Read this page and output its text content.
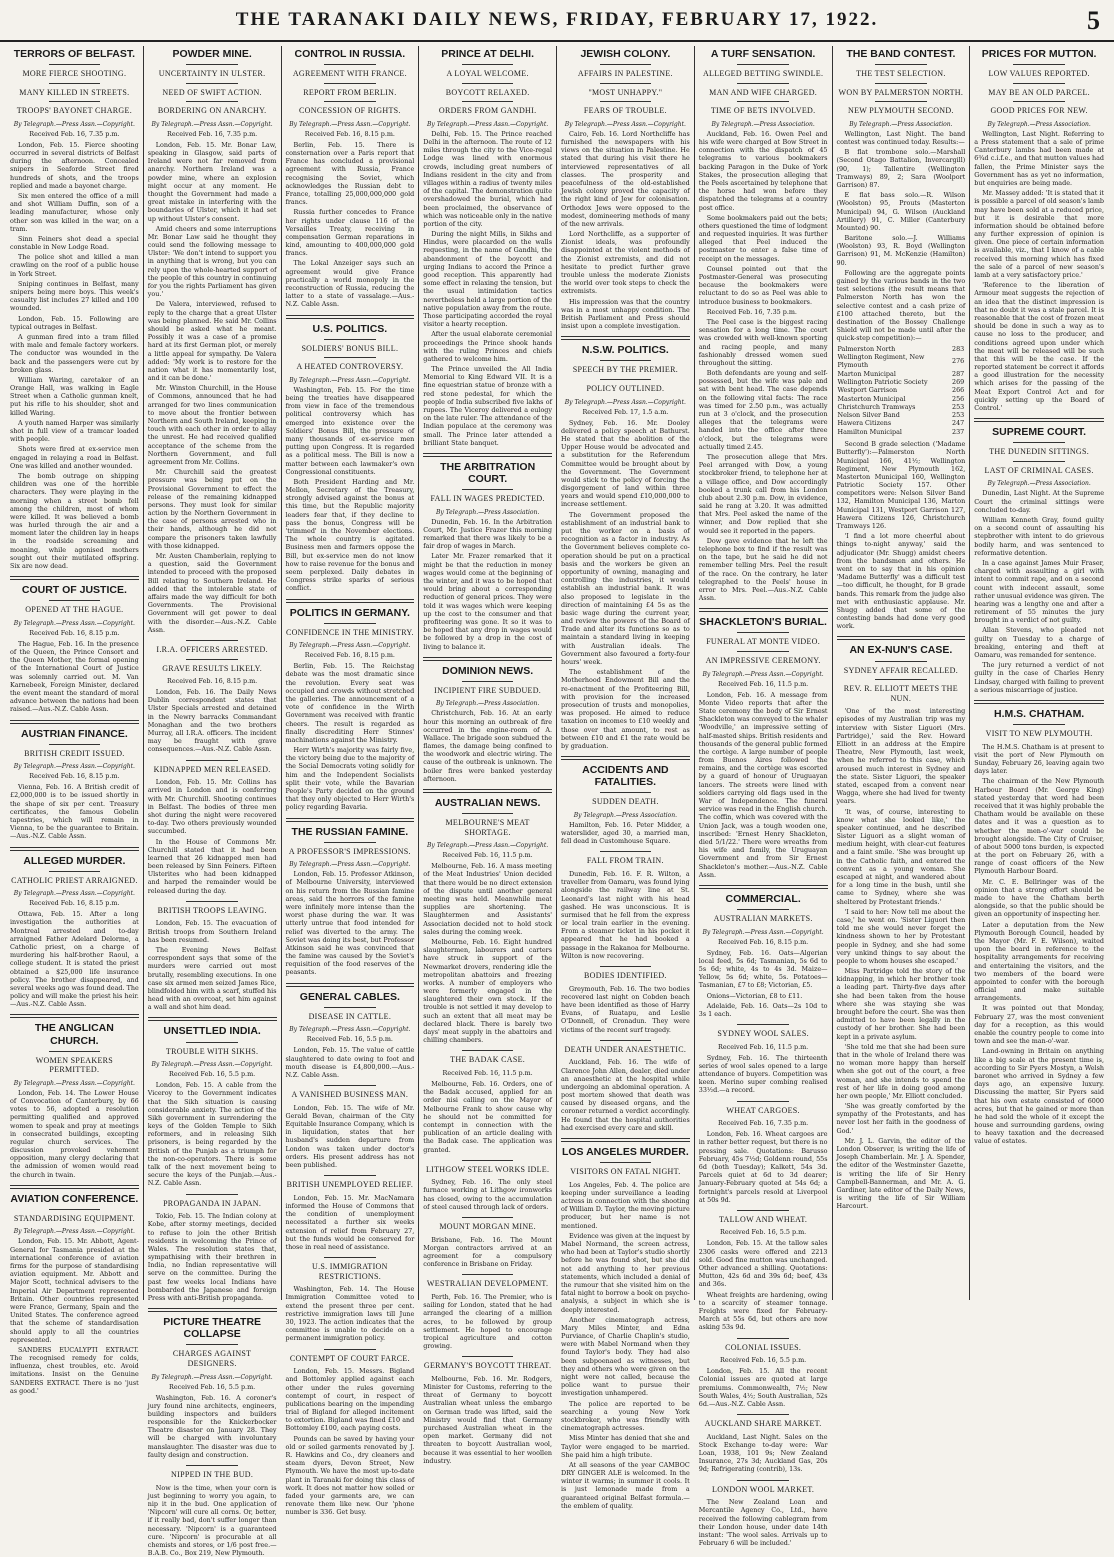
THE TARANAKI DAILY NEWS, FRIDAY, FEBRUARY 17, 1922.	5
TERRORS OF BELFAST.
MORE FIERCE SHOOTING.
MANY KILLED IN STREETS.
TROOPS' BAYONET CHARGE.
By Telegraph.—Press Assn.—Copyright.
Received Feb. 16, 7.35 p.m.

London, Feb. 15. Fierce shooting occurred in several districts of Belfast during the afternoon. Concealed snipers in Seaforde Street fired hundreds of shots, and the troops replied and made a bayonet charge.

Six men entered the office of a mill and shot William Duffin, son of a leading manufacturer, whose only other son was killed in the war, on a tram.

Sinn Feiners shot dead a special constable in New Lodge Road.

The police shot and killed a man crawling on the roof of a public house in York Street.

Sniping continues in Belfast, many snipers being mere boys. This week's casualty list includes 27 killed and 100 wounded.

London, Feb. 15. Following are typical outrages in Belfast.

A gunman fired into a tram filled with male and female factory workers. The conductor was wounded in the back and the passengers were cut by broken glass.

William Waring, caretaker of an Orange Hall, was walking in Eagle Street when a Catholic gunman knelt, put his rifle to his shoulder, shot and killed Waring.

A youth named Harper was similarly shot in full view of a tramcar loaded with people.

Shots were fired at ex-service men engaged in relaying a road in Belfast. One was killed and another wounded.

The bomb outrage on shipping children was one of the horrible characters. They were playing in the morning when a street bomb fell among the children, most of whom were killed. It was believed a bomb was hurled through the air and a moment later the children lay in heaps in the roadside screaming and moaning, while agonised mothers sought out their mutilated offspring. Six are now dead.

COURT OF JUSTICE.
OPENED AT THE HAGUE.
By Telegraph.—Press Assn.—Copyright.
Received Feb. 16, 8.15 p.m.

The Hague, Feb. 16. In the presence of the Queen, the Prince Consort and the Queen Mother, the formal opening of the International Court of Justice was solemnly carried out. M. Van Karnebeek, Foreign Minister, declared the event meant the standard of moral advance between the nations had been raised.—Aus.-N.Z. Cable Assn.

AUSTRIAN FINANCE.
BRITISH CREDIT ISSUED.
By Telegraph.—Press Assn.—Copyright.
Received Feb. 16, 8.15 p.m.

Vienna, Feb. 16. A British credit of £2,000,000 is to be issued shortly in the shape of six per cent. Treasury certificates, the famous Gobelin tapestries, which will remain in Vienna, to be the guarantee to Britain.—Aus.-N.Z. Cable Assn.

ALLEGED MURDER.
CATHOLIC PRIEST ARRAIGNED.
By Telegraph.—Press Assn.—Copyright.
Received Feb. 16, 8.15 p.m.

Ottawa, Feb. 15. After a long investigation the authorities at Montreal arrested and to-day arraigned Father Adelard Delorme, a Catholic priest, on a charge of murdering his half-brother Raoul, a college student. It is stated the priest obtained a $25,000 life insurance policy. The brother disappeared, and several weeks ago was found dead. The policy and will make the priest his heir.—Aus.-N.Z. Cable Assn.

THE ANGLICAN CHURCH.
WOMEN SPEAKERS PERMITTED.
By Telegraph.—Press Assn.—Copyright.

London, Feb. 14. The Lower House of Convocation of Canterbury, by 66 votes to 56, adopted a resolution permitting qualified and approved women to speak and pray at meetings in consecrated buildings, excepting regular church services. The discussion provoked vehement opposition, many clergy declaring that the admission of women would read the church in twain.

AVIATION CONFERENCE.
STANDARDISING EQUIPMENT.
By Telegraph.—Press Assn.—Copyright.

London, Feb. 15. Mr. Abbott, Agent-General for Tasmania presided at the international conference of aviation firms for the purpose of standardising aviation equipment. Mr. Abbott and Major Scott, technical advisers to the Imperial Air Department represented Britain. Other countries represented were France, Germany, Spain and the United States. The conference agreed that the scheme of standardisation should apply to all the countries represented.

SANDERS EUCALYPTI EXTRACT. The recognised remedy for colds, influenza, chest troubles, etc. Avoid imitations. Insist on the Genuine SANDERS EXTRACT. There is no 'just as good.'

POWDER MINE.
UNCERTAINTY IN ULSTER.
NEED OF SWIFT ACTION.
BORDERING ON ANARCHY.
By Telegraph.—Press Assn.—Copyright.
Received Feb. 16, 7.35 p.m.

London, Feb. 15. Mr. Bonar Law, speaking in Glasgow, said parts of Ireland were not far removed from anarchy. Northern Ireland was a powder mine, where an explosion might occur at any moment. He thought the Government had made a great mistake in interfering with the boundaries of Ulster, which it had set up without Ulster's consent.

Amid cheers and some interruptions Mr. Bonar Law said he thought they could send the following message to Ulster: 'We don't intend to support you in anything that is wrong, but you can rely upon the whole-hearted support of the people of this country in continuing for you the rights Parliament has given you.'

De Valera, interviewed, refused to reply to the charge that a great Ulster was being planned. He said Mr. Collins should be asked what he meant. Possibly it was a case of a promise hard at its first German plot, or merely a little appeal for sympathy. De Valera added: 'My work is to restore for the nation what it has momentarily lost, and it can be done.'

Mr. Winston Churchill, in the House of Commons, announced that he had arranged for two lines communication to move about the frontier between Northern and South Ireland, keeping in touch with each other in order to allay the unrest. He had received qualified acceptance of the scheme from the Northern Government, and full agreement from Mr. Collins.

Mr. Churchill said the greatest pressure was being put on the Provisional Government to effect the release of the remaining kidnapped persons. They must look for similar action by the Northern Government in the case of persons arrested who in their hands, although he did not compare the prisoners taken lawfully with those kidnapped.

Mr. Austen Chamberlain, replying to a question, said the Government intended to proceed with the proposed Bill relating to Southern Ireland. He added that the intolerable state of affairs made the way difficult for both Governments. The Provisional Government will get power to deal with the disorder.—Aus.-N.Z. Cable Assn.

I.R.A. OFFICERS ARRESTED.
GRAVE RESULTS LIKELY.
Received Feb. 16, 8.15 p.m.

London, Feb. 16. The Daily News Dublin correspondent states that Ulster Specials arrested and detained in the Newry barracks Commandant Monaghan and the two brothers Murray, all I.R.A. officers. The incident may be fraught with grave consequences.—Aus.-N.Z. Cable Assn.

KIDNAPPED MEN RELEASED.

London, Feb. 15. Mr. Collins has arrived in London and is conferring with Mr. Churchill. Shooting continues in Belfast. The bodies of three men shot during the night were recovered to-day. Two others previously wounded succumbed.

In the House of Commons Mr. Churchill stated that it had been learned that 26 kidnapped men had been released by Sinn Feiners. Fifteen Ulsterites who had been kidnapped and harped the remainder would be released during the day.

BRITISH TROOPS LEAVING.

London, Feb. 15. The evacuation of British troops from Southern Ireland has been resumed.

The Evening News Belfast correspondent says that some of the murders were carried out most brutally, resembling executions. In one case six armed men seized James Rice, blindfolded him with a scarf, stuffed his head with an overcoat, set him against a wall and shot him dead.

UNSETTLED INDIA.
TROUBLE WITH SIKHS.
By Telegraph.—Press Assn.—Copyright.
Received Feb. 16, 5.5 p.m.

London, Feb. 15. A cable from the Viceroy to the Government indicates that the Sikh situation is causing considerable anxiety. The action of the Sikh government in surrendering the keys of the Golden Temple to Sikh reformers, and in releasing Sikh prisoners, is being regarded by the British of the Punjab as a triumph for the non-co-operators. There is some talk of the next movement being to secure the keys of the Punjab.—Aus.-N.Z. Cable Assn.

PROPAGANDA IN JAPAN.

Tokio, Feb. 15. The Indian colony at Kobe, after stormy meetings, decided to refuse to join the other British residents in welcoming the Prince of Wales. The resolution states that, sympathising with their brethren in India, no Indian representative will serve on the committee. During the past few weeks local Indians have bombarded the Japanese and foreign Press with anti-British propaganda.

PICTURE THEATRE COLLAPSE
CHARGES AGAINST DESIGNERS.
By Telegraph.—Press Assn.—Copyright.
Received Feb. 16, 5.5 p.m.

Washington, Feb. 16. A coroner's jury found nine architects, engineers, building inspectors and builders responsible for the Knickerbocker Theatre disaster on January 28. They will be charged with involuntary manslaughter. The disaster was due to faulty design and construction.

NIPPED IN THE BUD.

Now is the time, when your corn is just beginning to worry you again, to nip it in the bud. One application of 'Nipcorn' will cure all corns. Or, better, if it really bad, don't suffer longer than necessary. 'Nipcorn' is a guaranteed cure. 'Nipcorn' is procurable at all chemists and stores, or 1/6 post free.—B.A.B. Co., Box 219, New Plymouth.

CONTROL IN RUSSIA.
AGREEMENT WITH FRANCE.
REPORT FROM BERLIN.
CONCESSION OF RIGHTS.
By Telegraph.—Press Assn.—Copyright.
Received Feb. 16, 8.15 p.m.

Berlin, Feb. 15. There is consternation over a Paris report that France has concluded a provisional agreement with Russia, France recognising the Soviet, which acknowledges the Russian debt to France, totalling 25,000,000,000 gold francs.

Russia further concedes to France her rights under clause 116 of the Versailles Treaty, receiving in compensation German reparations in kind, amounting to 400,000,000 gold francs.

The Lokal Anzeiger says such an agreement would give France practically a world monopoly in the reconstruction of Russia, reducing the latter to a state of vassalage.—Aus.-N.Z. Cable Assn.

U.S. POLITICS.
SOLDIERS' BONUS BILL.
A HEATED CONTROVERSY.
By Telegraph.—Press Assn.—Copyright.

Washington, Feb. 15. For the time being the treaties have disappeared from view in face of the tremendous political controversy which has emerged into existence over the Soldiers' Bonus Bill, the pressure of many thousands of ex-service men putting upon Congress. It is regarded as a political mess. The Bill is now a matter between each lawmaker's own Congressional constituents.

Both President Harding and Mr. Mellon, Secretary of the Treasury, strongly advised against the bonus at this time, but the Republic majority leaders fear that, if they decline to pass the bonus, Congress will be 'trimmed' in the November elections. The whole country is agitated. Business men and farmers oppose the Bill, but ex-service men do not know how to raise revenue for the bonus and seem perplexed. Daily debates in Congress strike sparks of serious conflict.

POLITICS IN GERMANY.
CONFIDENCE IN THE MINISTRY.
By Telegraph.—Press Assn.—Copyright.
Received Feb. 16, 8.15 p.m.

Berlin, Feb. 15. The Reichstag debate was the most dramatic since the revolution. Every seat was occupied and crowds without stretched the galleries. The announcement of a vote of confidence in the Wirth Government was received with frantic cheers. The result is regarded as finally discrediting Herr Stinnes' machinations against the Ministry.

Herr Wirth's majority was fairly five, the victory being due to the majority of the Social Democrats voting solidly for him and the Independent Socialists split their vote, while the Bavarian People's Party decided on the ground that they only objected to Herr Wirth's policy regarding Bavaria.

THE RUSSIAN FAMINE.
A PROFESSOR'S IMPRESSIONS.
By Telegraph.—Press Assn.—Copyright.

London, Feb. 15. Professor Atkinson, of Melbourne University, interviewed on his return from the Russian famine areas, said the horrors of the famine were infinitely more intense than the worst phase during the war. It was utterly untrue that food intended for relief was diverted to the army. The Soviet was doing its best, but Professor Atkinson said he was convinced that the famine was caused by the Soviet's requisition of the food reserves of the peasants.

GENERAL CABLES.
DISEASE IN CATTLE.
By Telegraph.—Press Assn.—Copyright.
Received Feb. 16, 5.5 p.m.

London, Feb. 15. The value of cattle slaughtered to date owing to foot and mouth disease is £4,800,000.—Aus.-N.Z. Cable Assn.

A VANISHED BUSINESS MAN.

London, Feb. 15. The wife of Mr. Gerald Bevan, chairman of the City Equitable Insurance Company, which is in liquidation, states that her husband's sudden departure from London was taken under doctor's orders. His present address has not been published.

BRITISH UNEMPLOYED RELIEF.

London, Feb. 15. Mr. MacNamara informed the House of Commons that the condition of unemployment necessitated a further six weeks extension of relief from February 27, but the funds would be conserved for those in real need of assistance.

U.S. IMMIGRATION RESTRICTIONS.

Washington, Feb. 14. The House Immigration Committee voted to extend the present three per cent. restrictive immigration laws till June 30, 1923. The action indicates that the committee is unable to decide on a permanent immigration policy.

CONTEMPT OF COURT FARCE.

London, Feb. 15. Messrs. Bigland and Bottomley applied against each other under the rules governing contempt of court, in respect of publications bearing on the impending trial of Bigland for alleged incitement to extortion. Bigland was fined £10 and Bottomley £100, each paying costs.

Pounds can be saved by having your old or soiled garments renovated by J. R. Hawkins and Co., dry cleaners and steam dyers, Devon Street, New Plymouth. We have the most up-to-date plant in Taranaki for doing this class of work. It does not matter how soiled or faded your garments are, we can renovate them like new. Our 'phone number is 336. Get busy.

PRINCE AT DELHI.
A LOYAL WELCOME.
BOYCOTT RELAXED.
ORDERS FROM GANDHI.
By Telegraph.—Press Assn.—Copyright.

Delhi, Feb. 15. The Prince reached Delhi in the afternoon. The route of 12 miles through the city to the Vice-regal Lodge was lined with enormous crowds, including great numbers of Indians resident in the city and from villages within a radius of twenty miles of the capital. The demonstration quite overshadowed the burial, which had been proclaimed, the observance of which was noticeable only in the native portion of the city.

During the night Mills, in Sikhs and Hindus, were placarded on the walls requesting, in the name of Gandhi, the abandonment of the boycott and urging Indians to accord the Prince a good reception. This apparently had some effect in relaxing the tension, but the usual intimidation tactics nevertheless held a large portion of the native population away from the route. Those participating accorded the royal visitor a hearty reception.

After the usual elaborate ceremonial proceedings the Prince shook hands with the ruling Princes and chiefs gathered to welcome him.

The Prince unveiled the All India Memorial to King Edward VII. It is a fine equestrian statue of bronze with a red stone pedestal, for which the people of India subscribed five lakhs of rupees. The Viceroy delivered a eulogy on the late ruler. The attendance of the Indian populace at the ceremony was small. The Prince later attended a brilliant State banquet.

THE ARBITRATION COURT.
FALL IN WAGES PREDICTED.
By Telegraph.—Press Association.

Dunedin, Feb. 16. In the Arbitration Court, Mr. Justice Frazer this morning remarked that there was likely to be a fair drop of wages in March.

Later Mr. Frazer remarked that it might be that the reduction in money wages would come at the beginning of the winter, and it was to be hoped that would bring about a corresponding reduction of general prices. They were told it was wages which were keeping up the cost to the consumer and that profiteering was gone. It so it was to be hoped that any drop in wages would be followed by a drop in the cost of living to balance it.

DOMINION NEWS.
INCIPIENT FIRE SUBDUED.
By Telegraph.—Press Association.

Christchurch, Feb. 16. At an early hour this morning an outbreak of fire occurred in the engine-room of A. Wallace. The brigade soon subdued the flames, the damage being confined to the woodwork and electric wiring. The cause of the outbreak is unknown. The boiler fires were banked yesterday afternoon.

AUSTRALIAN NEWS.
MELBOURNE'S MEAT SHORTAGE.
By Telegraph.—Press Assn.—Copyright.
Received Feb. 16, 11.5 p.m.

Melbourne, Feb. 16. A mass meeting of the Meat Industries' Union decided that there would be no direct extension of the dispute until another general meeting was held. Meanwhile meat supplies are shortening. The Slaughtermen and Assistants' Association decided not to hold stock sales during the coming week.

Melbourne, Feb. 16. Eight hundred slaughtermen, labourers and carters have struck in support of the Newmarket drovers, rendering idle the metropolitan abattoirs and freezing works. A number of employers who were formerly engaged in the slaughtered their own stock. If the trouble is not settled it may develop to such an extent that all meat may be declared black. There is barely two days' meat supply in the abattoirs and chilling chambers.

THE BADAK CASE.
Received Feb. 16, 11.5 p.m.

Melbourne, Feb. 16. Orders, one of the Badak accused, applied for an order nisi calling on the Mayor of Melbourne Frank to show cause why he should not be committed for contempt in connection with the publication of an article dealing with the Badak case. The application was granted.

LITHGOW STEEL WORKS IDLE.

Sydney, Feb. 16. The only steel furnace working at Lithgow ironworks has closed, owing to the accumulation of steel caused through lack of orders.

MOUNT MORGAN MINE.

Brisbane, Feb. 16. The Mount Morgan contractors arrived at an agreement for a compulsory conference in Brisbane on Friday.

WESTRALIAN DEVELOPMENT.

Perth, Feb. 16. The Premier, who is sailing for London, stated that he had arranged the clearing of a million acres, to be followed by group settlement. He hoped to encourage tropical agriculture and cotton growing.

GERMANY'S BOYCOTT THREAT.

Melbourne, Feb. 16. Mr. Rodgers, Minister for Customs, referring to the threat of Germany to boycott Australian wheat unless the embargo on German trade was lifted, said the Ministry would find that Germany purchased Australian wheat in the open market. Germany did not threaten to boycott Australian wool, because it was essential to her woollen industry.

JEWISH COLONY.
AFFAIRS IN PALESTINE.
"MOST UNHAPPY."
FEARS OF TROUBLE.
By Telegraph.—Press Assn.—Copyright.

Cairo, Feb. 16. Lord Northcliffe has furnished the newspapers with his views on the situation in Palestine. He stated that during his visit there he interviewed representatives of all classes. The prosperity and peacefulness of the old-established Jewish colony proved the capacity of the right kind of Jew for colonisation. Orthodox Jews were opposed to the modest, domineering methods of many of the new arrivals.

Lord Northcliffe, as a supporter of Zionist ideals, was profoundly disappointed at the violent methods of the Zionist extremists, and did not hesitate to predict further grave trouble unless the moderate Zionists the world over took steps to check the extremists.

His impression was that the country was in a most unhappy condition. The British Parliament and Press should insist upon a complete investigation.

N.S.W. POLITICS.
SPEECH BY THE PREMIER.
POLICY OUTLINED.
By Telegraph.—Press Assn.—Copyright.
Received Feb. 17, 1.5 a.m.

Sydney, Feb. 16. Mr. Dooley delivered a policy speech at Bathurst. He stated that the abolition of the Upper House would be advocated and a substitution for the Referendum Committee would be brought about by the Government. The Government would stick to the policy of forcing the disgorgement of land within three years and would spend £10,000,000 to increase settlement.

The Government proposed the establishment of an industrial bank to put the worker on a basis of recognition as a factor in industry. As the Government believes complete co-operation should be put on a practical basis and the workers be given an opportunity of owning, managing and controlling the industries, it would establish an industrial bank. It was also proposed to legislate in the direction of maintaining £4 5s as the basic wage during the current year, and review the powers of the Board of Trade and alter its functions so as to maintain a standard living in keeping with Australian ideals. The Government also favoured a forty-four hours' week.

The establishment of the Motherhood Endowment Bill and the re-enactment of the Profiteering Bill, with provision for the increased prosecution of trusts and monopolies, was proposed. He aimed to reduce taxation on incomes to £10 weekly and those over that amount, to rest as between £10 and £1 the rate would be by graduation.

ACCIDENTS AND FATALITIES.
SUDDEN DEATH.
By Telegraph.—Press Association.

Hamilton, Feb. 16. Peter Midder, a waterslider, aged 30, a married man, fell dead in Customhouse Square.

FALL FROM TRAIN.

Dunedin, Feb. 16. F. R. Wilton, a traveller from Oamaru, was found lying alongside the railway line at St. Leonard's last night with his head gashed. He was unconscious. It is surmised that he fell from the express or local train earlier in the evening. From a steamer ticket in his pocket it appeared that he had booked a passage in the Rakanoa for Melbourne. Wilton is now recovering.

BODIES IDENTIFIED.

Greymouth, Feb. 16. The two bodies recovered last night on Cobden beach have been identified as those of Harry Evans, of Ruatapu, and Leslie O'Donnell, of Cronadun. They were victims of the recent surf tragedy.

DEATH UNDER ANAESTHETIC.

Auckland, Feb. 16. The wife of Clarence John Allen, dealer, died under an anaesthetic at the hospital while undergoing an abdominal operation. A post mortem showed that death was caused by diseased organs, and the coroner returned a verdict accordingly. He found that the hospital authorities had exercised every care and skill.

LOS ANGELES MURDER.
VISITORS ON FATAL NIGHT.

Los Angeles, Feb. 4. The police are keeping under surveillance a leading actress in connection with the shooting of William D. Taylor, the moving picture producer, but her name is not mentioned.

Evidence was given at the inquest by Mabel Normand, the screen actress, who had been at Taylor's studio shortly before he was found shot, but she did not add anything to her previous statements, which included a denial of the rumour that she visited him on the fatal night to borrow a book on psycho-analysis, a subject in which she is deeply interested.

Another cinematograph actress, Mary Miles Minter, and Edna Purviance, of Charlie Chaplin's studio, were with Mabel Normand when they found Taylor's body. They had also been subpoenaed as witnesses, but they and others who were given on the night were not called, because the police want to pursue their investigation unhampered.

The police are reported to be searching a young New York stockbroker, who was friendly with cinematograph actresses.

Miss Minter has denied that she and Taylor were engaged to be married. She paid him a high tribute.

At all seasons of the year CAMBOC DRY GINGER ALE is welcomed. In the winter it warms; in summer it cools. It is just lemonade made from a guaranteed original Belfast formula.—the emblem of quality.

A TURF SENSATION.
ALLEGED BETTING SWINDLE.
MAN AND WIFE CHARGED.
TIME OF BETS INVOLVED.
By Telegraph.—Press Association.

Auckland, Feb. 16. Owen Peel and his wife were charged at Bow Street in connection with the dispatch of 45 telegrams to various bookmakers backing Paragon in the Duke of York Stakes, the prosecution alleging that the Peels ascertained by telephone that the horse had won before they dispatched the telegrams at a country post office.

Some bookmakers paid out the bets; others questioned the time of lodgment and requested inquiries. It was further alleged that Peel induced the postmaster to enter a false time of receipt on the messages.

Counsel pointed out that the Postmaster-General was prosecuting because the bookmakers were reluctant to do so as Peel was able to introduce business to bookmakers.

Received Feb. 16, 7.35 p.m.

The Peel case is the biggest racing sensation for a long time. The court was crowded with well-known sporting and racing people, and many fashionably dressed women sued throughout the sitting.

Both defendants are young and self-possessed, but the wife was pale and sat with bent head. The case depends on the following vital facts: The race was timed for 2.50 p.m., was actually run at 3 o'clock, and the prosecution alleges that the telegrams were handed into the office after three o'clock, but the telegrams were actually timed 2.45.

The prosecution allege that Mrs. Peel arranged with Dow, a young stockbroker friend, to telephone her at a village office, and Dow accordingly booked a trunk call from his London club about 2.30 p.m. Dow, in evidence, said he rang at 3.20. It was admitted that Mrs. Peel asked the name of the winner, and Dow replied that she would see it reported in the papers.

Dow gave evidence that he left the telephone box to find if the result was on the tape, but he said he did not remember telling Mrs. Peel the result of the race. On the contrary, he later telegraphed to the Peels' house in error to Mrs. Peel.—Aus.-N.Z. Cable Assn.

SHACKLETON'S BURIAL.
FUNERAL AT MONTE VIDEO.
AN IMPRESSIVE CEREMONY.
By Telegraph.—Press Assn.—Copyright.
Received Feb. 16, 11.5 p.m.

London, Feb. 16. A message from Monte Video reports that after the State ceremony the body of Sir Ernest Shackleton was conveyed to the whaler 'Woodville,' an impressive setting of half-masted ships. British residents and thousands of the general public formed the cortège. A large number of people from Buenos Aires followed the remains, and the cortège was escorted by a guard of honour of Uruguayan lancers. The streets were lined with soldiers carrying old flags used in the War of Independence. The funeral service was read in the English church. The coffin, which was covered with the Union Jack, was a tough wooden one, inscribed: 'Ernest Henry Shackleton, died 5/1/22.' There were wreaths from his wife and family, the Uruguayan Government and from Sir Ernest Shackleton's mother.—Aus.-N.Z. Cable Assn.

COMMERCIAL.
AUSTRALIAN MARKETS.
By Telegraph.—Press Assn.—Copyright.
Received Feb. 16, 8.15 p.m.

Sydney, Feb. 16. Oats—Algerian local feed, 5s 6d; Tasmanian, 5s 6d to 5s 6d; white, 4s to 4s 3d. Maize—Yellow, 5s 6d; white, 5s. Potatoes—Tasmanian, £7 to £8; Victorian, £5.

Onions—Victorian, £8 to £11.

Adelaide, Feb. 16. Oats—2s 10d to 3s 1 each.

SYDNEY WOOL SALES.
Received Feb. 16, 11.5 p.m.

Sydney, Feb. 16. The thirteenth series of wool sales opened to a large attendance of buyers. Competition was keen. Merino super combing realised 33½d.—a record.

WHEAT CARGOES.
Received Feb. 16, 7.35 p.m.

London, Feb. 16. Wheat cargoes are in rather better request, but there is no pressing sale. Quotations: Barusso February, 45s 7½d; Goldenn round, 55s 6d (both Tuesday); Kalkett, 54s 3d. Parcels quiet at 6d to 3d dearer; January-February quoted at 54s 6d; a fortnight's parcels resold at Liverpool at 50s 9d.

TALLOW AND WHEAT.
Received Feb. 16, 5.5 p.m.

London, Feb. 15. At the tallow sales 2306 casks were offered and 2213 sold. Good fine mutton was unchanged. Other advanced a shilling. Quotations: Mutton, 42s 6d and 39s 6d; beef, 43s and 36s.

Wheat freights are hardening, owing to a scarcity of steamer tonnage. Freights were fixed for February-March at 55s 6d, but others are now asking 53s 9d.

COLONIAL ISSUES.
Received Feb. 16, 5.5 p.m.

London, Feb. 15. All the recent Colonial issues are quoted at large premiums. Commonwealth, 7½; New South Wales, 4½; South Australian, 52s 6d.—Aus.-N.Z. Cable Assn.

AUCKLAND SHARE MARKET.

Auckland, Last Night. Sales on the Stock Exchange to-day were: War Loan, 1938, 101 9s; New Zealand Insurance, 27s 3d; Auckland Gas, 20s 9d; Refrigerating (contrib), 13s.

LONDON WOOL MARKET.

The New Zealand Loan and Mercantile Agency Co., Ltd., have received the following cablegram from their London house, under date 14th instant: 'The wool sales. Arrivals up to February 6 will be included.'

THE BAND CONTEST.
THE TEST SELECTION.
WON BY PALMERSTON NORTH.
NEW PLYMOUTH SECOND.
By Telegraph.—Press Association.

Wellington, Last Night. The band contest was continued today. Results:—

B flat trombone solo.—Marshall (Second Otago Battalion, Invercargill) (90, 1); Tallentire (Wellington Tramways) 89, 2; Sara (Woolport Garrison) 87.

E flat bass solo.—R. Wilson (Woolston) 95, Prouts (Masterton Municipal) 94, G. Wilson (Auckland Artillery) 91, C. Miller (Canterbury Mounted) 90.

Baritone solo.—J. Williams (Woolston) 93, R. Boyd (Wellington Garrison) 91, M. McKenzie (Hamilton) 90.

Following are the aggregate points gained by the various bands in the two test selections (the result means that Palmerston North has won the selective contest and a cash prize of £100 attached thereto, but the destination of the Bossey Challenge Shield will not be made until after the quick-step competition):—

Palmerston North	283
Wellington Regiment, New Plymouth	276
Marton Municipal	287
Wellington Patriotic Society	269
Westport Garrison	266
Masterton Municipal	256
Christchurch Tramways	253
Nelson Silver Band	253
Hawera Citizens	247
Hamilton Municipal	237

Second B grade selection ('Madame Butterfly'):—Palmerston North Municipal 166, 41½; Wellington Regiment, New Plymouth 162, Masterton Municipal 160, Wellington Patriotic Society 157. Other competitors were: Nelson Silver Band 132, Hamilton Municipal 136, Marton Municipal 131, Westport Garrison 127, Hawera Citizens 126, Christchurch Tramways 126.

'I find a lot more cheerful about things to-night anyway,' said the adjudicator (Mr. Shugg) amidst cheers from the bandsmen and others. He went on to say that in his opinion 'Madame Butterfly' was a difficult test—too difficult, he thought, for B grade bands. This remark from the judge also met with enthusiastic applause. Mr. Shugg added that some of the contesting bands had done very good work.

AN EX-NUN'S CASE.
SYDNEY AFFAIR RECALLED.
REV. R. ELLIOTT MEETS THE NUN.

'One of the most interesting episodes of my Australian trip was my interview with Sister Liguori (Mrs. Partridge),' said the Rev. Howard Elliott in an address at the Empire Theatre, New Plymouth, last week, when he referred to this case, which aroused much interest in Sydney and the state. Sister Liguori, the speaker stated, escaped from a convent near Wagga, where she had lived for twenty years.

'It was, of course, interesting to know what she looked like,' the speaker continued, and he described Sister Liguori as a slight woman of medium height, with clear-cut features and a faint smile. 'She was brought up in the Catholic faith, and entered the convent as a young woman. She escaped at night, and wandered about for a long time in the bush, until she came to Sydney, where she was sheltered by Protestant friends.'

'I said to her: Now tell me about the case,' he went on. 'Sister Liguori then told me she would never forget the kindness shown to her by Protestant people in Sydney, and she had some very unkind things to say about the people to whom houses she escaped.'

Miss Partridge told the story of the kidnapping, in which her brother took a leading part. Thirty-five days after she had been taken from the house where she was staying she was brought before the court. She was then admitted to have been legally in the custody of her brother. She had been kept in a private asylum.

'She told me that she had been sure that in the whole of Ireland there was no woman more happy than herself when she got out of the court, a free woman, and she intends to spend the rest of her life in doing good among her own people,' Mr. Elliott concluded.

'She was greatly comforted by the sympathy of the Protestants, and has never lost her faith in the goodness of God.'

Mr. J. L. Garvin, the editor of the London Observer, is writing the life of Joseph Chamberlain. Mr. J. A. Spender, the editor of the Westminster Gazette, is writing the life of Sir Henry Campbell-Bannerman, and Mr. A. G. Gardiner, late editor of the Daily News, is writing the life of Sir William Harcourt.

PRICES FOR MUTTON.
LOW VALUES REPORTED.
MAY BE AN OLD PARCEL.
GOOD PRICES FOR NEW.
By Telegraph.—Press Association.

Wellington, Last Night. Referring to a Press statement that a sale of prime Canterbury lambs had been made at 6¾d c.i.f.e., and that mutton values had fallen, the Prime Minister says the Government has as yet no information, but enquiries are being made.

Mr. Massey added: 'It is stated that it is possible a parcel of old season's lamb may have been sold at a reduced price, but it is desirable that more information should be obtained before any further expression of opinion is given. One piece of certain information is available, viz., that I know of a cable received this morning which has fixed the sale of a parcel of new season's lamb at a very satisfactory price.'

'Reference to the liberation of Armour meat suggests the rejection of an idea that the distinct impression is that no doubt it was a stale parcel. It is reasonable that the cost of frozen meat should be done in such a way as to cause no loss to the producer, and conditions agreed upon under which the meat will be released will be such that this will be the case. If the reported statement be correct it affords a good illustration for the necessity which arises for the passing of the Meat Export Control Act and for quickly setting up the Board of Control.'

SUPREME COURT.
THE DUNEDIN SITTINGS.
LAST OF CRIMINAL CASES.
By Telegraph.—Press Association.

Dunedin, Last Night. At the Supreme Court the criminal sittings were concluded to-day.

William Kenneth Gray, found guilty on a second count of assaulting his stepbrother with intent to do grievous bodily harm, and was sentenced to reformative detention.

In a case against James Muir Fraser, charged with assaulting a girl with intent to commit rape, and on a second count with indecent assault, some rather unusual evidence was given. The hearing was a lengthy one and after a retirement of 55 minutes the jury brought in a verdict of not guilty.

Allan Stevens, who pleaded not guilty on Tuesday to a charge of breaking, entering and theft at Oamaru, was remanded for sentence.

The jury returned a verdict of not guilty in the case of Charles Henry Lindsay, charged with failing to prevent a serious miscarriage of justice.

H.M.S. CHATHAM.
VISIT TO NEW PLYMOUTH.

The H.M.S. Chatham is at present to visit the port of New Plymouth on Sunday, February 26, leaving again two days later.

The chairman of the New Plymouth Harbour Board (Mr. George King) stated yesterday that word had been received that it was highly probable the Chatham would be available on these dates and it was a question as to whether the men-o'-war could be brought alongside. The City of Cruiser, of about 5000 tons burden, is expected at the port on February 26, with a range of coast officers of the New Plymouth Harbour Board.

Mr. C. E. Bellringer was of the opinion that a strong effort should be made to have the Chatham berth alongside, so that the public should be given an opportunity of inspecting her.

Later a deputation from the New Plymouth Borough Council, headed by the Mayor (Mr. F. E. Wilson), waited upon the board in reference to the hospitality arrangements for receiving and entertaining the visitors, and the two members of the board were appointed to confer with the borough official and make suitable arrangements.

It was pointed out that Monday, February 27, was the most convenient day for a reception, as this would enable the country people to come into town and see the man-o'-war.

Land-owning in Britain on anything like a big scale at the present time is, according to Sir Pyers Mostyn, a Welsh baronet who arrived in Sydney a few days ago, an expensive luxury. Discussing the matter, Sir Pyers said that his own estate consisted of 6000 acres, but that he gained or more than he had sold the whole of it except the house and surrounding gardens, owing to heavy taxation and the decreased value of estates.
